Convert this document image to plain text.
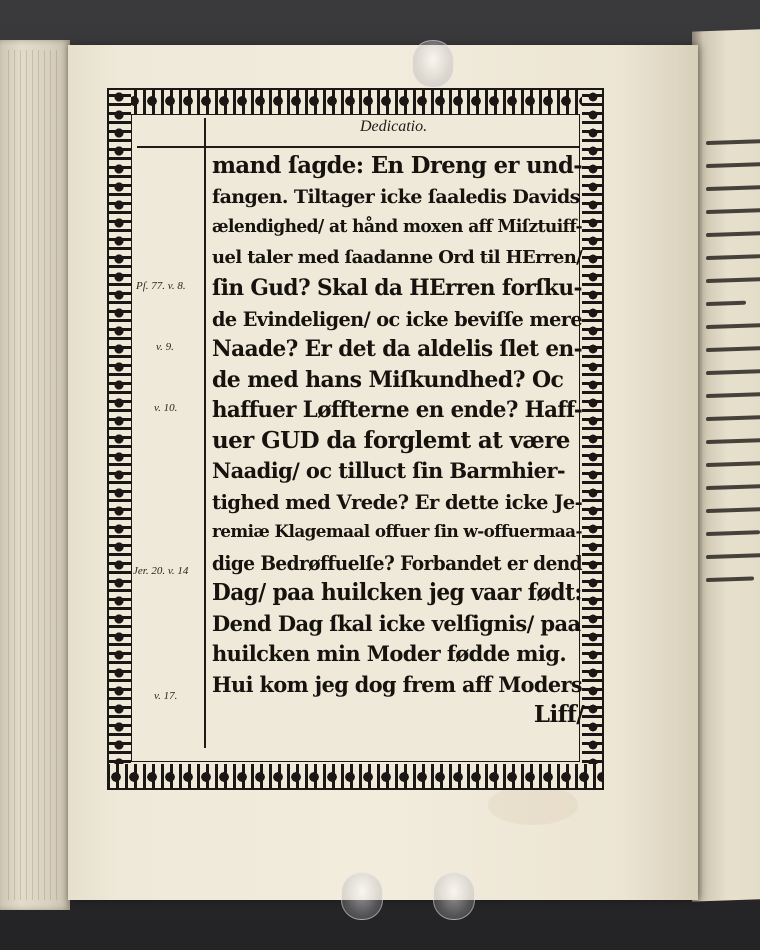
Dedicatio.
Pſ. 77. v. 8.
v. 9.
v. 10.
Jer. 20. v. 14
v. 17.
mand ſagde: En Dreng er und-
fangen. Tiltager icke ſaaledis Davids
ælendighed/ at hånd moxen aff Miſztuiff-
uel taler med ſaadanne Ord til HErren/
ſin Gud? Skal da HErren forſku-
de Evindeligen/ oc icke beviſſe mere
Naade? Er det da aldelis ſlet en-
de med hans Miſkundhed? Oc
haffuer Løffterne en ende? Haff-
uer GUD da forglemt at være
Naadig/ oc tilluct ſin Barmhier-
tighed med Vrede? Er dette icke Je-
remiæ Klagemaal offuer ſin w-offuermaa-
dige Bedrøffuelſe? Forbandet er dend
Dag/ paa huilcken jeg vaar født:
Dend Dag ſkal icke velſignis/ paa
huilcken min Moder fødde mig.
Hui kom jeg dog frem aff Moders
Liff/
